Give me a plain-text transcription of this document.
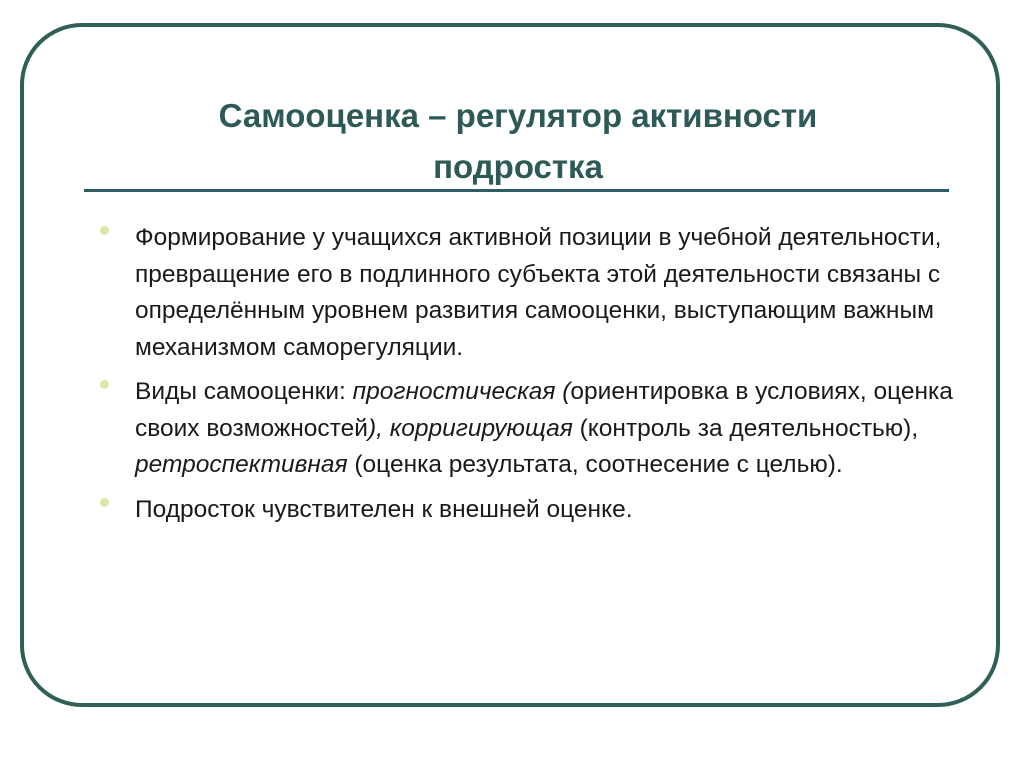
Самооценка – регулятор активности
подростка
Формирование у учащихся активной позиции в учебной деятельности, превращение его в подлинного субъекта этой деятельности связаны с определённым уровнем развития самооценки, выступающим важным механизмом саморегуляции.
Виды самооценки: прогностическая (ориентировка в условиях, оценка своих возможностей), корригирующая (контроль за деятельностью), ретроспективная (оценка результата, соотнесение с целью).
Подросток чувствителен к внешней оценке.
